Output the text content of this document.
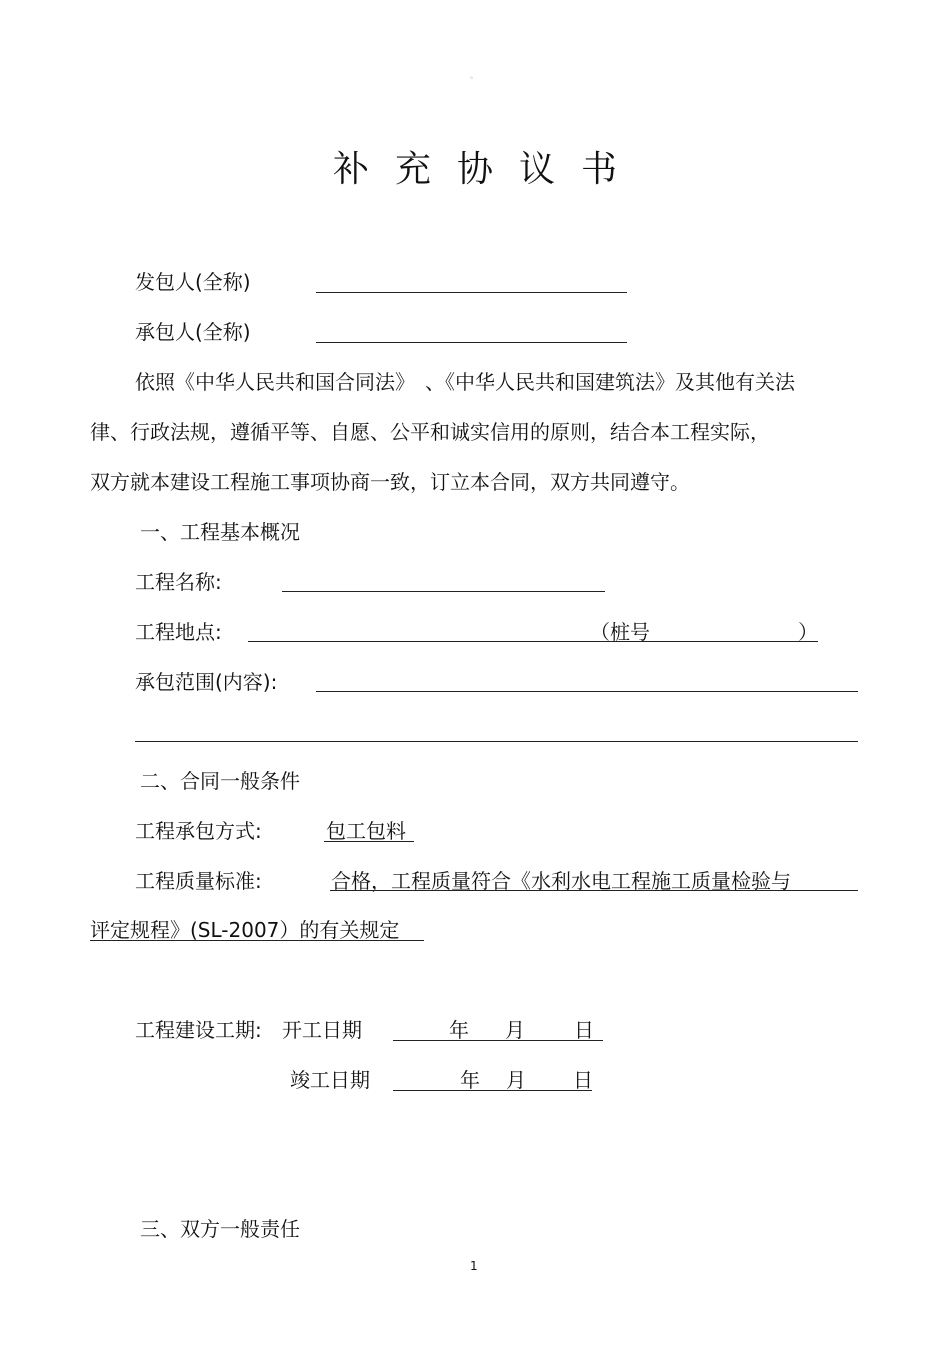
。
补充协议书
发包人(全称)
承包人(全称)
依照《中华人民共和国合同法》　、《中华人民共和国建筑法》及其他有关法
律、行政法规，遵循平等、自愿、公平和诚实信用的原则，结合本工程实际，
双方就本建设工程施工事项协商一致，订立本合同，双方共同遵守。
一、工程基本概况
工程名称:
工程地点:	（桩号	）
承包范围(内容):
二、合同一般条件
工程承包方式:	包工包料
工程质量标准:	合格，工程质量符合《水利水电工程施工质量检验与
评定规程》(SL-2007）的有关规定
工程建设工期: 开工日期	年 月 日
竣工日期	年 月 日
三、双方一般责任
1
